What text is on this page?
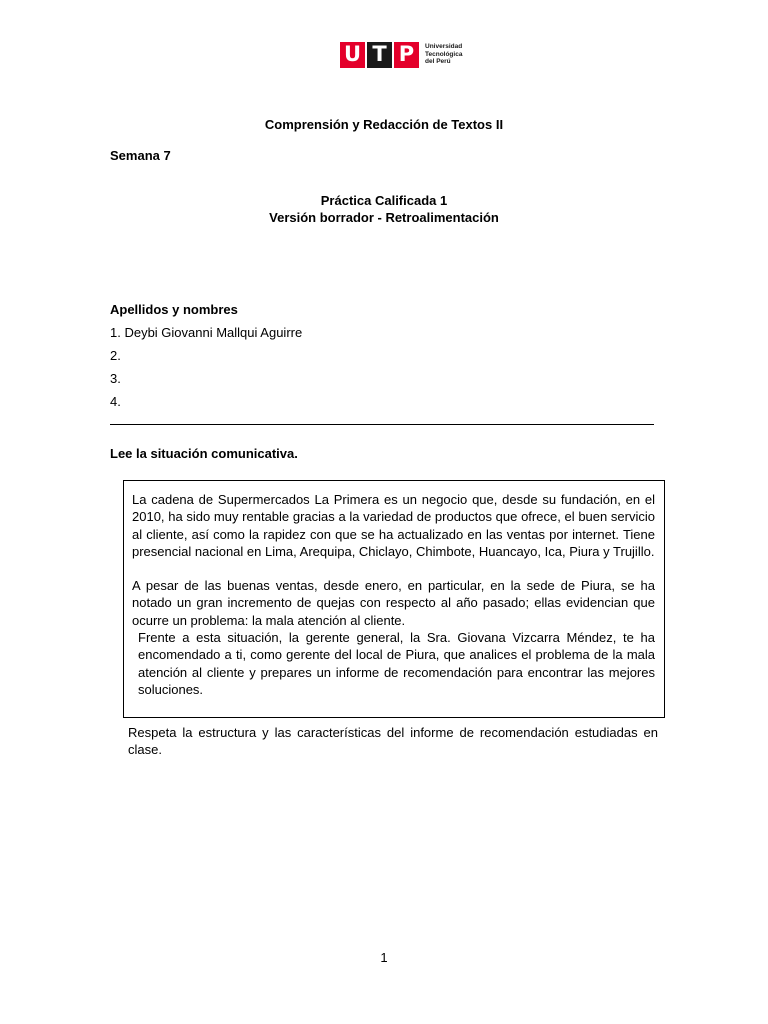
U T P Universidad
Tecnológica
del Perú
Comprensión y Redacción de Textos II
Semana 7
Práctica Calificada 1
Versión borrador - Retroalimentación
Apellidos y nombres
1. Deybi Giovanni Mallqui Aguirre
2.
3.
4.
Lee la situación comunicativa.

La cadena de Supermercados La Primera es un negocio que, desde su fundación, en el 2010, ha sido muy rentable gracias a la variedad de productos que ofrece, el buen servicio al cliente, así como la rapidez con que se ha actualizado en las ventas por internet. Tiene presencial nacional en Lima, Arequipa, Chiclayo, Chimbote, Huancayo, Ica, Piura y Trujillo.

A pesar de las buenas ventas, desde enero, en particular, en la sede de Piura, se ha notado un gran incremento de quejas con respecto al año pasado; ellas evidencian que ocurre un problema: la mala atención al cliente.

Frente a esta situación, la gerente general, la Sra. Giovana Vizcarra Méndez, te ha encomendado a ti, como gerente del local de Piura, que analices el problema de la mala atención al cliente y prepares un informe de recomendación para encontrar las mejores soluciones.

Respeta la estructura y las características del informe de recomendación estudiadas en clase.
1
